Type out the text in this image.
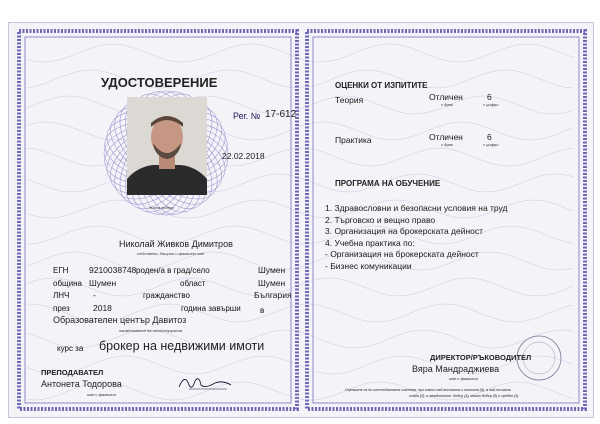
УДОСТОВЕРЕНИЕ
лична подпис
Рег. № 17-612
22.02.2018
Николай Живков Димитров
собствено, бащино и фамилно име
ЕГН 9210038748 роден/а в град/село	Шумен
община Шумен	област	Шумен
ЛНЧ	-	гражданство	България
през	2018	година завърши в
Образователен център Давитоз
наименование на институцията
курс за брокер на недвижими имоти
ПРЕПОДАВАТЕЛ
Антонета Тодорова
име и фамилия
ОЦЕНКИ ОТ ИЗПИТИТЕ
Теория	Отличен	6
с думи	с цифри
Практика	Отличен	6
с думи	с цифри
ПРОГРАМА НА ОБУЧЕНИЕ
1. Здравословни и безопасни условия на труд
2. Търговско и вещно право
3. Организация на брокерската дейност
4. Учебна практика по:
- Организация на брокерската дейност
- Бизнес комуникации
ДИРЕКТОР/РЪКОВОДИТЕЛ
Вяра Мандраджиева
име и фамилия
Оценките са по шестобалната система, при която най-високата и отлична (6), а най-ниската
слаба (2), и междинните: добър (4), много добър (5) и среден (3)
